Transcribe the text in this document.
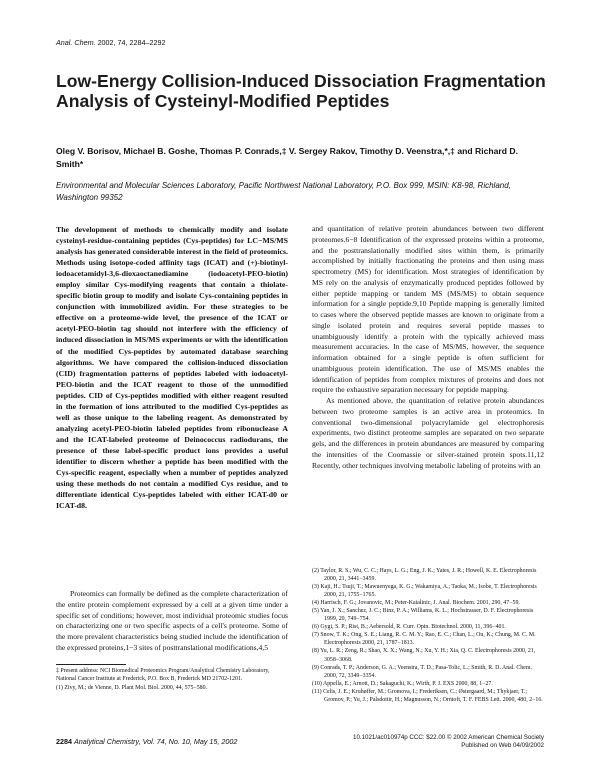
Anal. Chem. 2002, 74, 2284–2292
Low-Energy Collision-Induced Dissociation Fragmentation Analysis of Cysteinyl-Modified Peptides
Oleg V. Borisov, Michael B. Goshe, Thomas P. Conrads,‡ V. Sergey Rakov, Timothy D. Veenstra,*,‡ and Richard D. Smith*
Environmental and Molecular Sciences Laboratory, Pacific Northwest National Laboratory, P.O. Box 999, MSIN: K8-98, Richland, Washington 99352
The development of methods to chemically modify and isolate cysteinyl-residue-containing peptides (Cys-peptides) for LC−MS/MS analysis has generated considerable interest in the field of proteomics. Methods using isotope-coded affinity tags (ICAT) and (+)-biotinyl-iodoacetamidyl-3,6-dioxaoctanediamine (iodoacetyl-PEO-biotin) employ similar Cys-modifying reagents that contain a thiolate-specific biotin group to modify and isolate Cys-containing peptides in conjunction with immobilized avidin. For these strategies to be effective on a proteome-wide level, the presence of the ICAT or acetyl-PEO-biotin tag should not interfere with the efficiency of induced dissociation in MS/MS experiments or with the identification of the modified Cys-peptides by automated database searching algorithms. We have compared the collision-induced dissociation (CID) fragmentation patterns of peptides labeled with iodoacetyl-PEO-biotin and the ICAT reagent to those of the unmodified peptides. CID of Cys-peptides modified with either reagent resulted in the formation of ions attributed to the modified Cys-peptides as well as those unique to the labeling reagent. As demonstrated by analyzing acetyl-PEO-biotin labeled peptides from ribonuclease A and the ICAT-labeled proteome of Deinococcus radiodurans, the presence of these label-specific product ions provides a useful identifier to discern whether a peptide has been modified with the Cys-specific reagent, especially when a number of peptides analyzed using these methods do not contain a modified Cys residue, and to differentiate identical Cys-peptides labeled with either ICAT-d0 or ICAT-d8.

Proteomics can formally be defined as the complete characterization of the entire protein complement expressed by a cell at a given time under a specific set of conditions; however, most individual proteomic studies focus on characterizing one or two specific aspects of a cell's proteome. Some of the more prevalent characteristics being studied include the identification of the expressed proteins,1−3 sites of posttranslational modifications,4,5

‡ Present address: NCI Biomedical Proteomics Program/Analytical Chemistry Laboratory, National Cancer Institute at Frederick, P.O. Box B, Frederick MD 21702-1201.

(1) Zivy, M.; de Vienne, D. Plant Mol. Biol. 2000, 44, 575−580.

and quantitation of relative protein abundances between two different proteomes.6−8 Identification of the expressed proteins within a proteome, and the posttranslationally modified sites within them, is primarily accomplished by initially fractionating the proteins and then using mass spectrometry (MS) for identification. Most strategies of identification by MS rely on the analysis of enzymatically produced peptides followed by either peptide mapping or tandem MS (MS/MS) to obtain sequence information for a single peptide.9,10 Peptide mapping is generally limited to cases where the observed peptide masses are known to originate from a single isolated protein and requires several peptide masses to unambiguously identify a protein with the typically achieved mass measurement accuracies. In the case of MS/MS, however, the sequence information obtained for a single peptide is often sufficient for unambiguous protein identification. The use of MS/MS enables the identification of peptides from complex mixtures of proteins and does not require the exhaustive separation necessary for peptide mapping.

As mentioned above, the quantitation of relative protein abundances between two proteome samples is an active area in proteomics. In conventional two-dimensional polyacrylamide gel electrophoresis experiments, two distinct proteome samples are separated on two separate gels, and the differences in protein abundances are measured by comparing the intensities of the Coomassie or silver-stained protein spots.11,12 Recently, other techniques involving metabolic labeling of proteins with an

(2) Taylor, R. S.; Wu, C. C.; Hays, L. G.; Eng, J. K.; Yates, J. R.; Howell, K. E. Electrophoresis 2000, 21, 3441−3459.

(3) Kaji, H.; Tsuji, T.; Mawuenyega, K. G.; Wakamiya, A.; Taoka, M.; Isobe, T. Electrophoresis 2000, 21, 1755−1765.

(4) Harrisch, F. G.; Jovanovic, M.; Peter-Katalinic, J. Anal. Biochem. 2001, 290, 47−59.

(5) Yan, J. X.; Sanchez, J. C.; Binz, P. A.; Williams, K. L.; Hochstrasser, D. F. Electrophoresis 1999, 20, 749−754.

(6) Gygi, S. P.; Rist, B.; Aebersold, R. Curr. Opin. Biotechnol. 2000, 11, 396−401.

(7) Snow, T. K.; Ong, S. E.; Liang, R. C. M. Y.; Rao, E. C.; Chan, L.; Ou, K.; Chung, M. C. M. Electrophoresis 2000, 21, 1787−1813.

(8) Yu, L. R.; Zeng, R.; Shao, X. X.; Wang, N.; Xu, Y. H.; Xia, Q. C. Electrophoresis 2000, 21, 3058−3068.

(9) Conrads, T. P.; Anderson, G. A.; Veenstra, T. D.; Pasa-Tolic, L.; Smith, R. D. Anal. Chem. 2000, 72, 3349−3354.

(10) Appella, E.; Arnott, D.; Sakaguchi, K.; Wirth, P. J. EXS 2000, 88, 1−27.

(11) Celis, J. E.; Kruhøffer, M.; Gromova, I.; Frederiksen, C.; Østergaard, M.; Thykjaer, T.; Gromov, P.; Yu, J.; Palsdottir, H.; Magnusson, N.; Orntoft, T. F. FEBS Lett. 2000, 480, 2−16.

2284 Analytical Chemistry, Vol. 74, No. 10, May 15, 2002	10.1021/ac010974p CCC: $22.00 © 2002 American Chemical Society
Published on Web 04/09/2002
